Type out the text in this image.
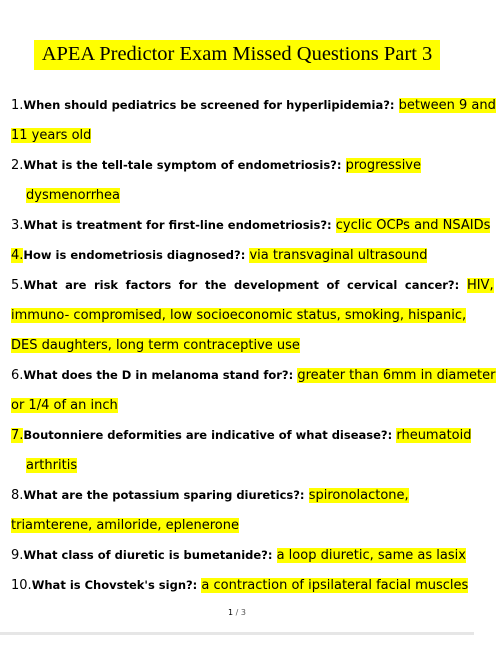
APEA Predictor Exam Missed Questions Part 3
1.When should pediatrics be screened for hyperlipidemia?: between 9 and
11 years old
2.What is the tell-tale symptom of endometriosis?: progressive
dysmenorrhea
3.What is treatment for first-line endometriosis?: cyclic OCPs and NSAIDs
4.How is endometriosis diagnosed?: via transvaginal ultrasound
5.What are risk factors for the development of cervical cancer?: HIV,
immuno- compromised, low socioeconomic status, smoking, hispanic,
DES daughters, long term contraceptive use
6.What does the D in melanoma stand for?: greater than 6mm in diameter
or 1/4 of an inch
7.Boutonniere deformities are indicative of what disease?: rheumatoid
arthritis
8.What are the potassium sparing diuretics?: spironolactone,
triamterene, amiloride, eplenerone
9.What class of diuretic is bumetanide?: a loop diuretic, same as lasix
10.What is Chovstek's sign?: a contraction of ipsilateral facial muscles
1 / 3
